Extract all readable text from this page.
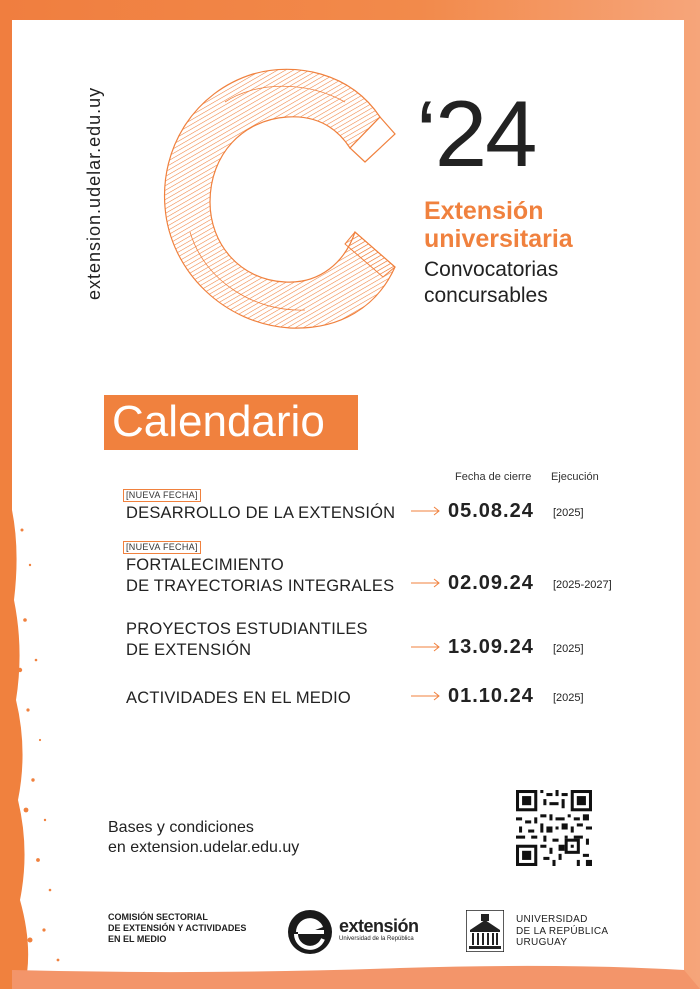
extension.udelar.edu.uy	‘24
Extensión
universitaria
Convocatorias
concursables
Calendario
Fecha de cierre Ejecución
[NUEVA FECHA]
DESARROLLO DE LA EXTENSIÓN	05.08.24 [2025]
[NUEVA FECHA]
FORTALECIMIENTO
DE TRAYECTORIAS INTEGRALES	02.09.24 [2025-2027]
PROYECTOS ESTUDIANTILES
DE EXTENSIÓN	13.09.24 [2025]
ACTIVIDADES EN EL MEDIO	01.10.24 [2025]
Bases y condiciones
en extension.udelar.edu.uy
COMISIÓN SECTORIAL
DE EXTENSIÓN Y ACTIVIDADES
EN EL MEDIO
extensión
Universidad de la República
UNIVERSIDAD
DE LA REPÚBLICA
URUGUAY
